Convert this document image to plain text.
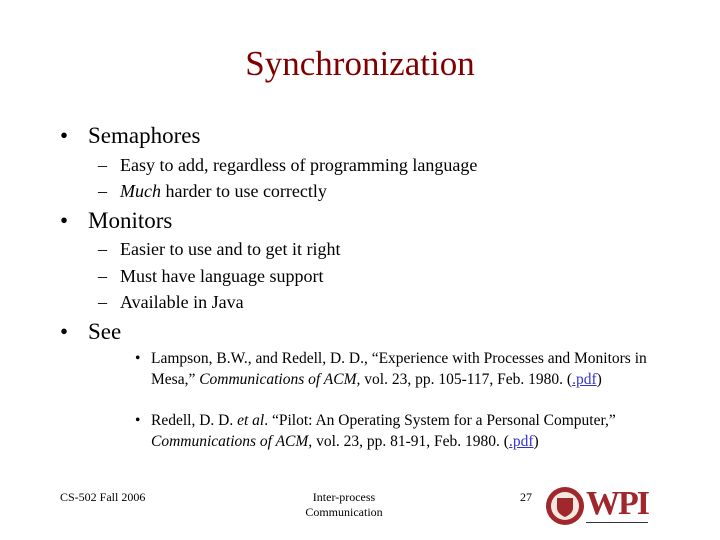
Synchronization
• Semaphores
– Easy to add, regardless of programming language
– Much harder to use correctly
• Monitors
– Easier to use and to get it right
– Must have language support
– Available in Java
• See
• Lampson, B.W., and Redell, D. D., “Experience with Processes and Monitors in Mesa,” Communications of ACM, vol. 23, pp. 105-117, Feb. 1980. (.pdf)
• Redell, D. D. et al. “Pilot: An Operating System for a Personal Computer,” Communications of ACM, vol. 23, pp. 81-91, Feb. 1980. (.pdf)
CS-502 Fall 2006	Inter-process
Communication
27 WPI
